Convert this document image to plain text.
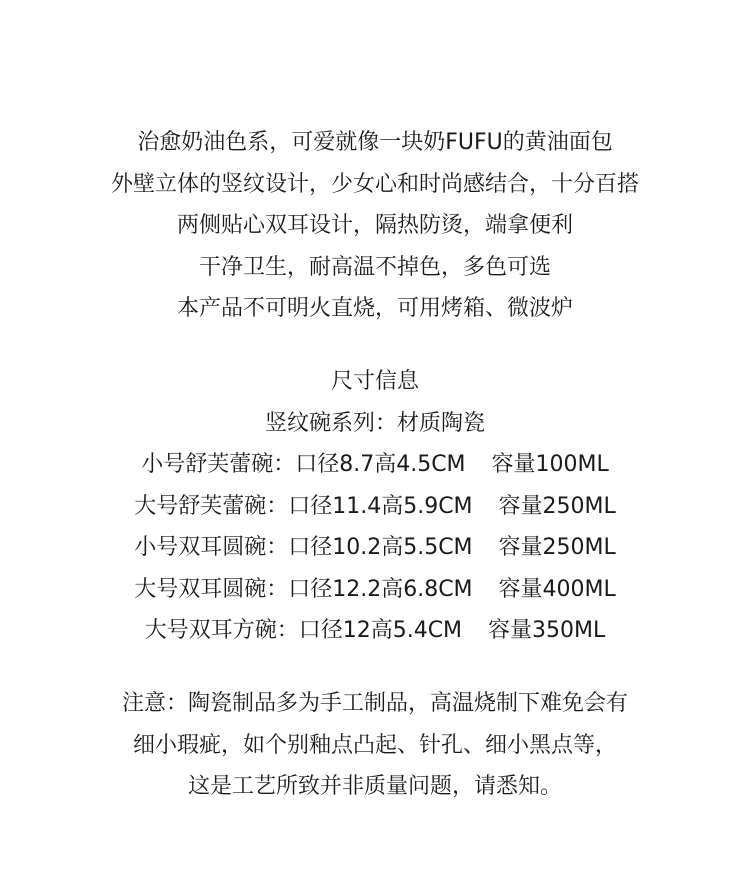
治愈奶油色系，可爱就像一块奶FUFU的黄油面包
外壁立体的竖纹设计，少女心和时尚感结合，十分百搭
两侧贴心双耳设计，隔热防烫，端拿便利
干净卫生，耐高温不掉色，多色可选
本产品不可明火直烧，可用烤箱、微波炉
尺寸信息
竖纹碗系列：材质陶瓷
小号舒芙蕾碗：口径8.7高4.5CM 容量100ML
大号舒芙蕾碗：口径11.4高5.9CM 容量250ML
小号双耳圆碗：口径10.2高5.5CM 容量250ML
大号双耳圆碗：口径12.2高6.8CM 容量400ML
大号双耳方碗：口径12高5.4CM 容量350ML
注意：陶瓷制品多为手工制品，高温烧制下难免会有
细小瑕疵，如个别釉点凸起、针孔、细小黑点等，
这是工艺所致并非质量问题，请悉知。
